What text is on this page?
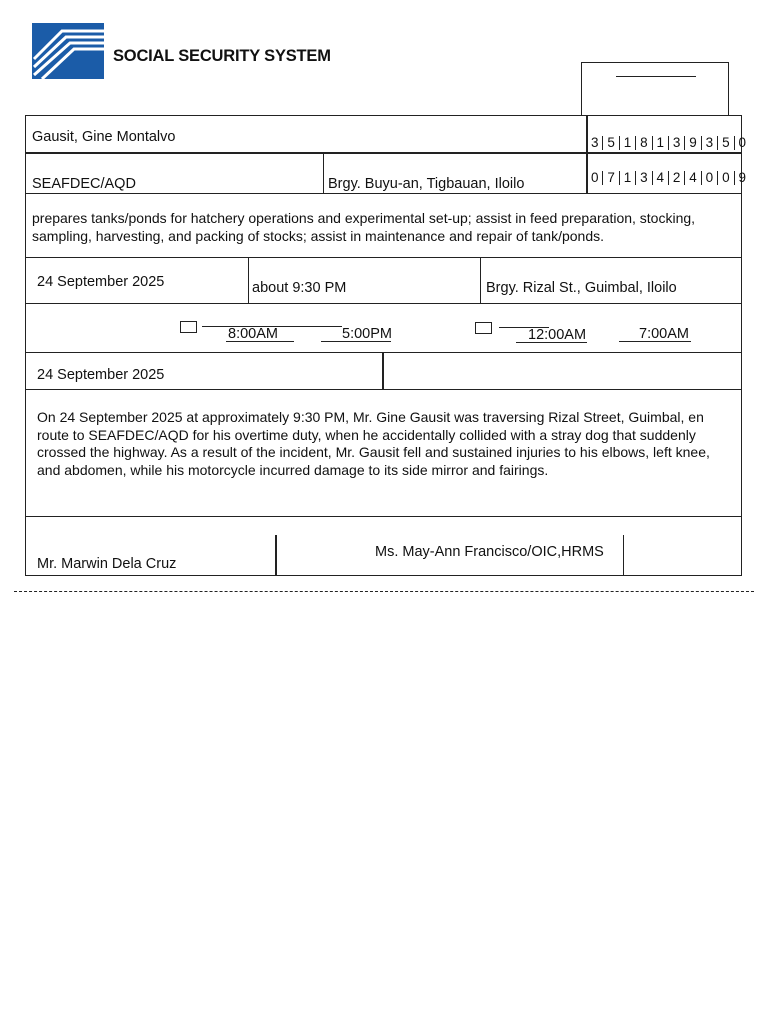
SOCIAL SECURITY SYSTEM
Gausit, Gine Montalvo	3 5 1 8 1 3 9 3 5 0
SEAFDEC/AQD	Brgy. Buyu-an, Tigbauan, Iloilo	0 7 1 3 4 2 4 0 0 9
prepares tanks/ponds for hatchery operations and experimental set-up; assist in feed preparation, stocking, sampling, harvesting, and packing of stocks; assist in maintenance and repair of tank/ponds.
24 September 2025	about 9:30 PM	Brgy. Rizal St., Guimbal, Iloilo
8:00AM	5:00PM	12:00AM	7:00AM
24 September 2025
On 24 September 2025 at approximately 9:30 PM, Mr. Gine Gausit was traversing Rizal Street, Guimbal, en route to SEAFDEC/AQD for his overtime duty, when he accidentally collided with a stray dog that suddenly crossed the highway. As a result of the incident, Mr. Gausit fell and sustained injuries to his elbows, left knee, and abdomen, while his motorcycle incurred damage to its side mirror and fairings.
Mr. Marwin Dela Cruz
Ms. May-Ann Francisco/OIC,HRMS
